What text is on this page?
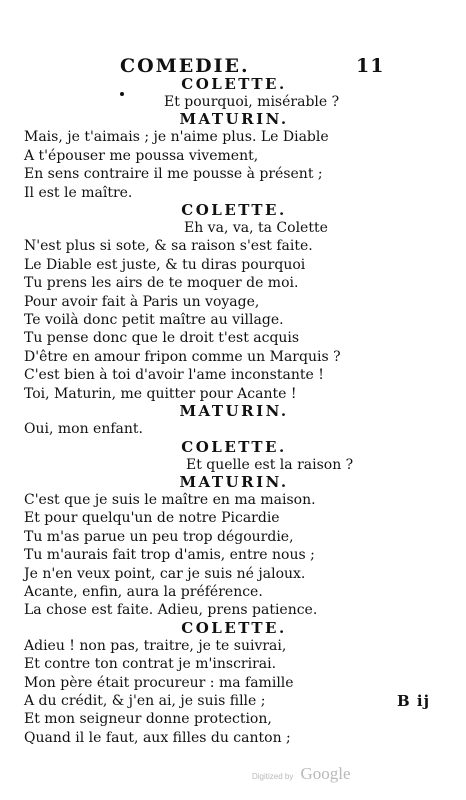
COMEDIE.	11
COLETTE.
Et pourquoi, misérable ?
MATURIN.
Mais, je t'aimais ; je n'aime plus. Le Diable
A t'épouser me poussa vivement,
En sens contraire il me pousse à présent ;
Il est le maître.
COLETTE.
Eh va, va, ta Colette
N'est plus si sote, & sa raison s'est faite.
Le Diable est juste, & tu diras pourquoi
Tu prens les airs de te moquer de moi.
Pour avoir fait à Paris un voyage,
Te voilà donc petit maître au village.
Tu pense donc que le droit t'est acquis
D'être en amour fripon comme un Marquis ?
C'est bien à toi d'avoir l'ame inconstante !
Toi, Maturin, me quitter pour Acante !
MATURIN.
Oui, mon enfant.
COLETTE.
Et quelle est la raison ?
MATURIN.
C'est que je suis le maître en ma maison.
Et pour quelqu'un de notre Picardie
Tu m'as parue un peu trop dégourdie,
Tu m'aurais fait trop d'amis, entre nous ;
Je n'en veux point, car je suis né jaloux.
Acante, enfin, aura la préférence.
La chose est faite. Adieu, prens patience.
COLETTE.
Adieu ! non pas, traitre, je te suivrai,
Et contre ton contrat je m'inscrirai.
Mon père était procureur : ma famille
A du crédit, & j'en ai, je suis fille ;
Et mon seigneur donne protection,
Quand il le faut, aux filles du canton ;
B ij
Digitized by Google
